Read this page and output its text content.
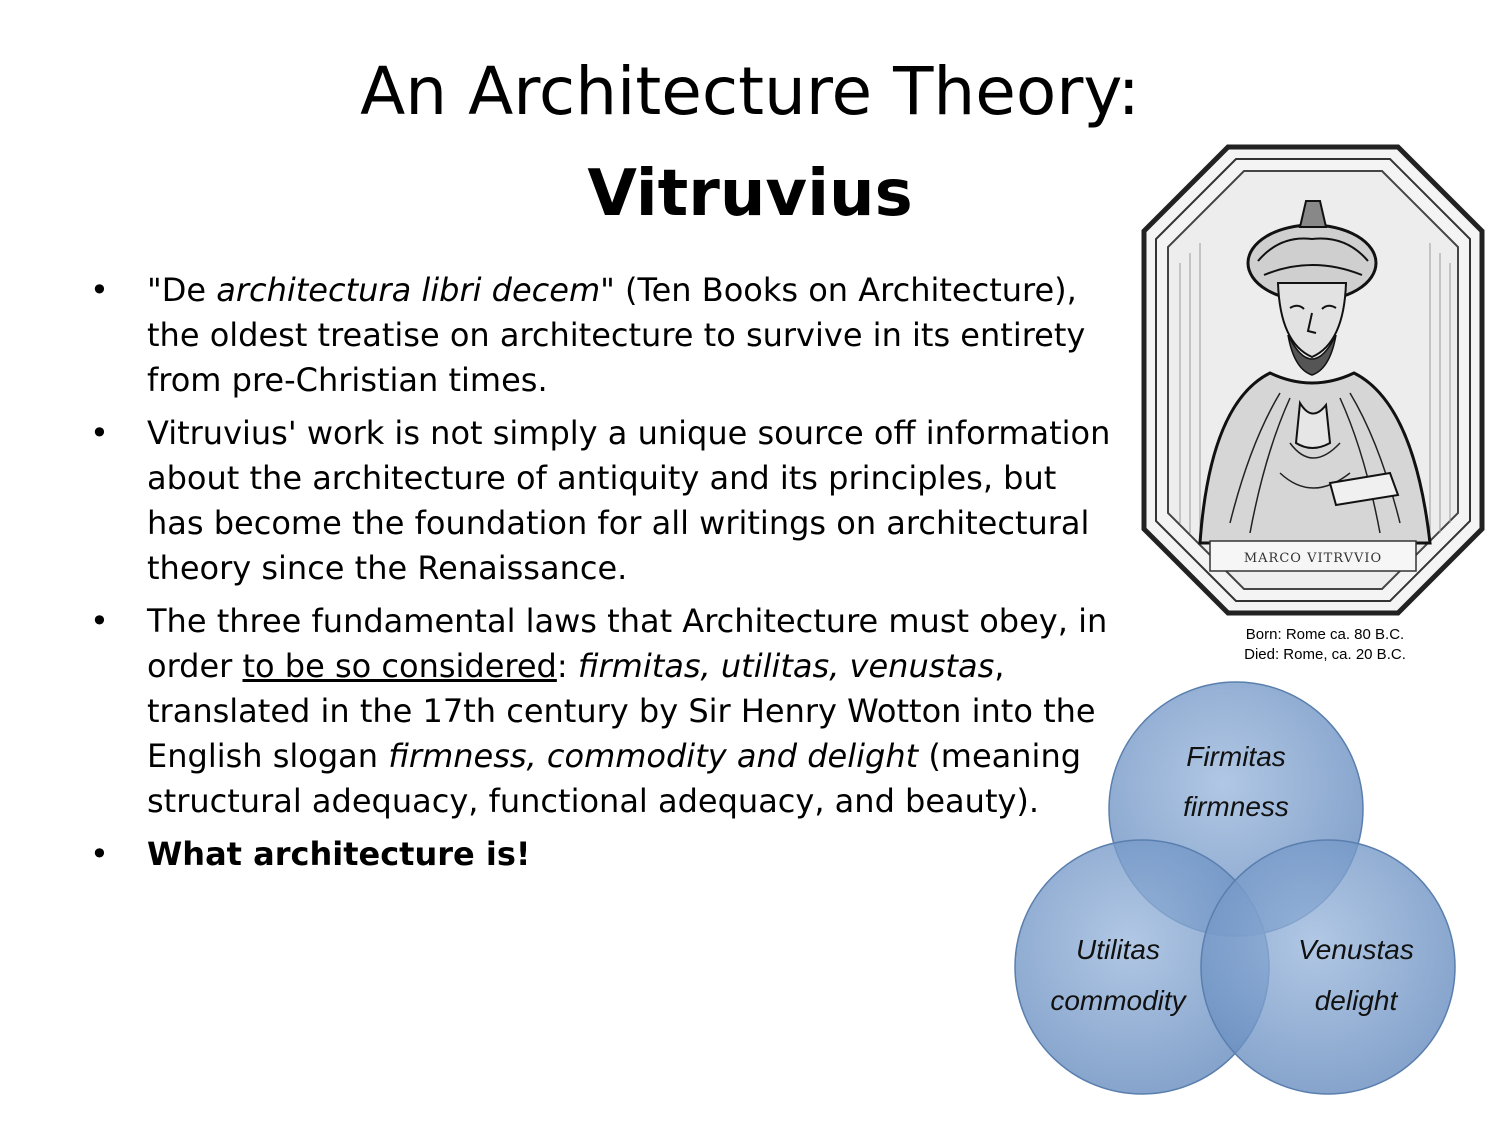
An Architecture Theory:
Vitruvius
• "De architectura libri decem" (Ten Books on Architecture), the oldest treatise on architecture to survive in its entirety from pre-Christian times.
• Vitruvius' work is not simply a unique source off information about the architecture of antiquity and its principles, but has become the foundation for all writings on architectural theory since the Renaissance.
• The three fundamental laws that Architecture must obey, in order to be so considered: firmitas, utilitas, venustas, translated in the 17th century by Sir Henry Wotton into the English slogan firmness, commodity and delight (meaning structural adequacy, functional adequacy, and beauty).
• What architecture is!
MARCO VITRVVIO
Born: Rome ca. 80 B.C.
Died: Rome, ca. 20 B.C.
Firmitas
firmness
Utilitas
commodity
Venustas
delight
